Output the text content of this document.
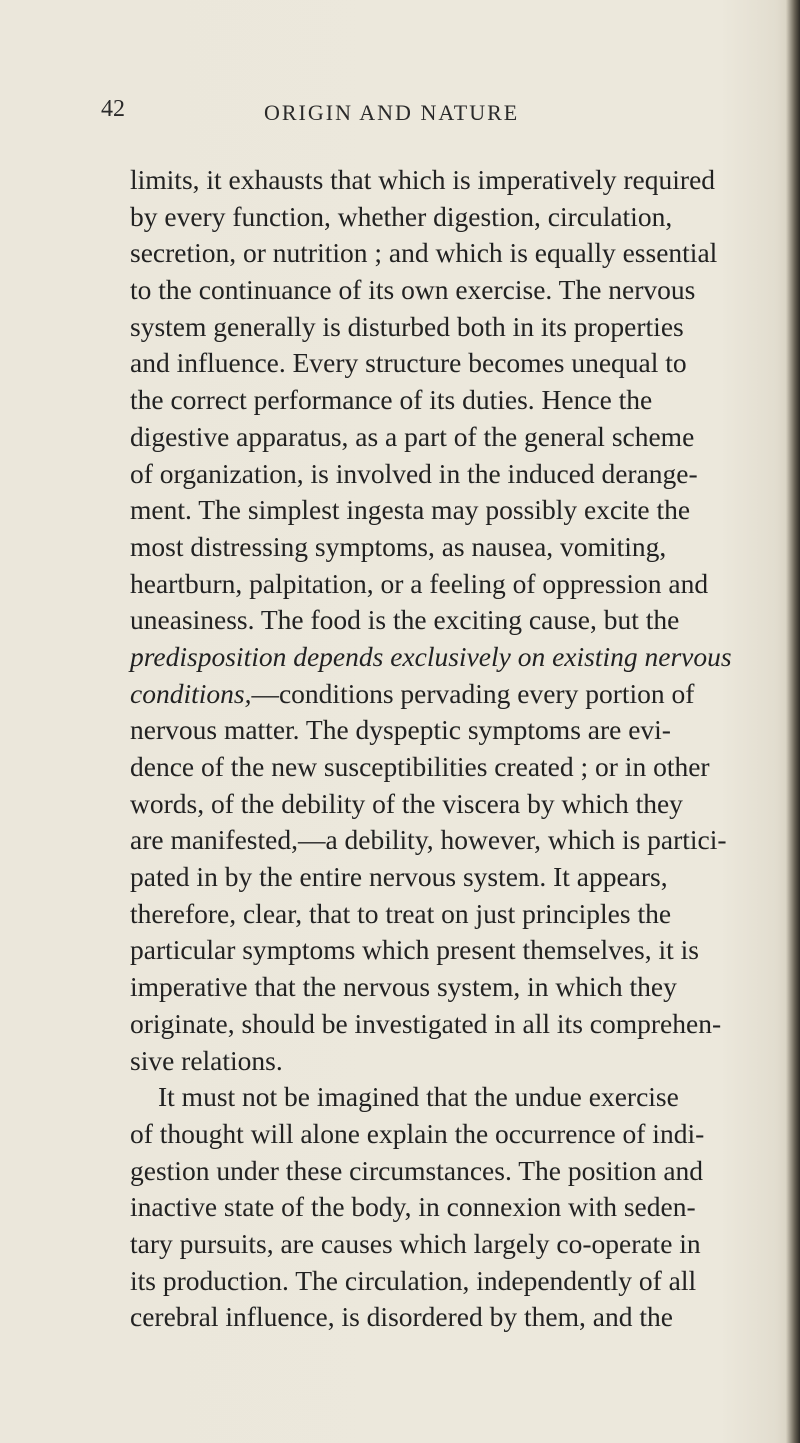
42	ORIGIN AND NATURE
limits, it exhausts that which is imperatively required
by every function, whether digestion, circulation,
secretion, or nutrition ; and which is equally essential
to the continuance of its own exercise. The nervous
system generally is disturbed both in its properties
and influence. Every structure becomes unequal to
the correct performance of its duties. Hence the
digestive apparatus, as a part of the general scheme
of organization, is involved in the induced derange-
ment. The simplest ingesta may possibly excite the
most distressing symptoms, as nausea, vomiting,
heartburn, palpitation, or a feeling of oppression and
uneasiness. The food is the exciting cause, but the
predisposition depends exclusively on existing nervous
conditions,—conditions pervading every portion of
nervous matter. The dyspeptic symptoms are evi-
dence of the new susceptibilities created ; or in other
words, of the debility of the viscera by which they
are manifested,—a debility, however, which is partici-
pated in by the entire nervous system. It appears,
therefore, clear, that to treat on just principles the
particular symptoms which present themselves, it is
imperative that the nervous system, in which they
originate, should be investigated in all its comprehen-
sive relations.
It must not be imagined that the undue exercise
of thought will alone explain the occurrence of indi-
gestion under these circumstances. The position and
inactive state of the body, in connexion with seden-
tary pursuits, are causes which largely co-operate in
its production. The circulation, independently of all
cerebral influence, is disordered by them, and the
